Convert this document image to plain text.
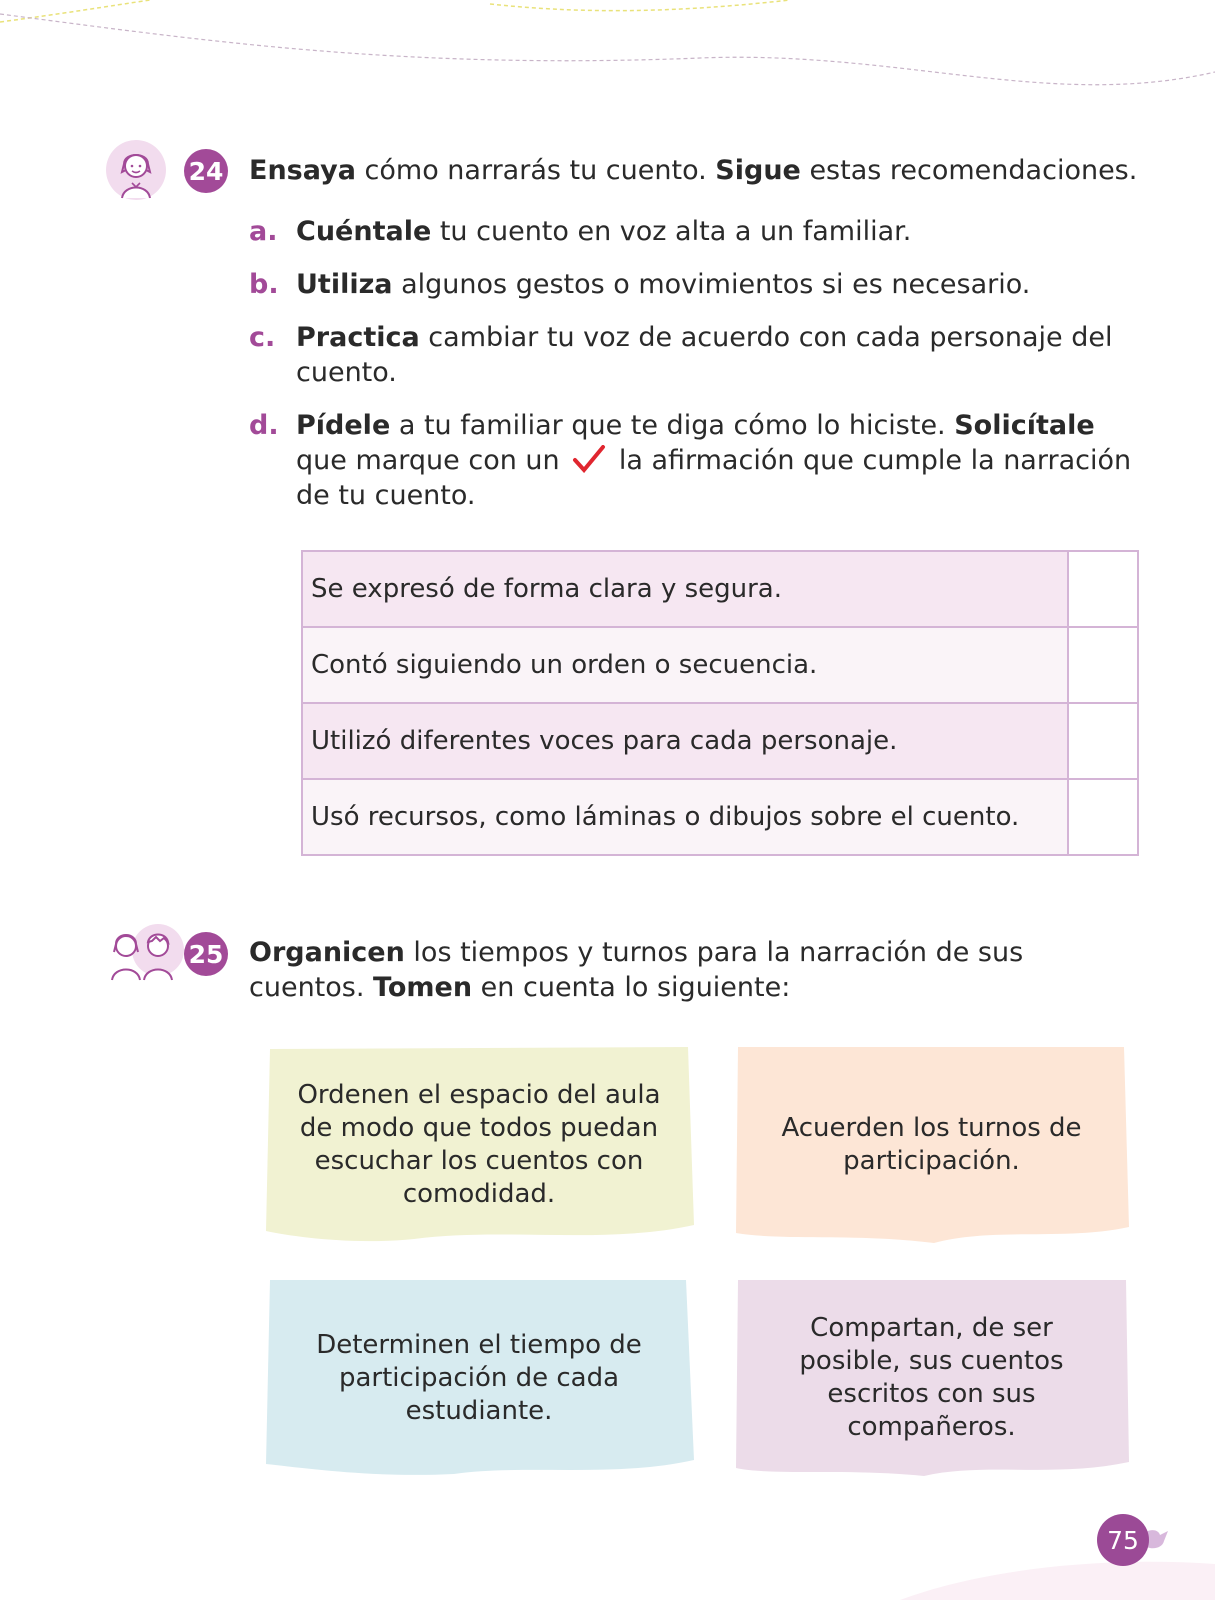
24 Ensaya cómo narrarás tu cuento. Sigue estas recomendaciones.
a. Cuéntale tu cuento en voz alta a un familiar.
b. Utiliza algunos gestos o movimientos si es necesario.
c. Practica cambiar tu voz de acuerdo con cada personaje del cuento.
d. Pídele a tu familiar que te diga cómo lo hiciste. Solicítale que marque con un  la afirmación que cumple la narración de tu cuento.
Se expresó de forma clara y segura.	
Contó siguiendo un orden o secuencia.	
Utilizó diferentes voces para cada personaje.	
Usó recursos, como láminas o dibujos sobre el cuento.	
25 Organicen los tiempos y turnos para la narración de sus cuentos. Tomen en cuenta lo siguiente:
Ordenen el espacio del aula de modo que todos puedan escuchar los cuentos con comodidad.
Acuerden los turnos de participación.
Determinen el tiempo de participación de cada estudiante.
Compartan, de ser posible, sus cuentos escritos con sus compañeros.
75
